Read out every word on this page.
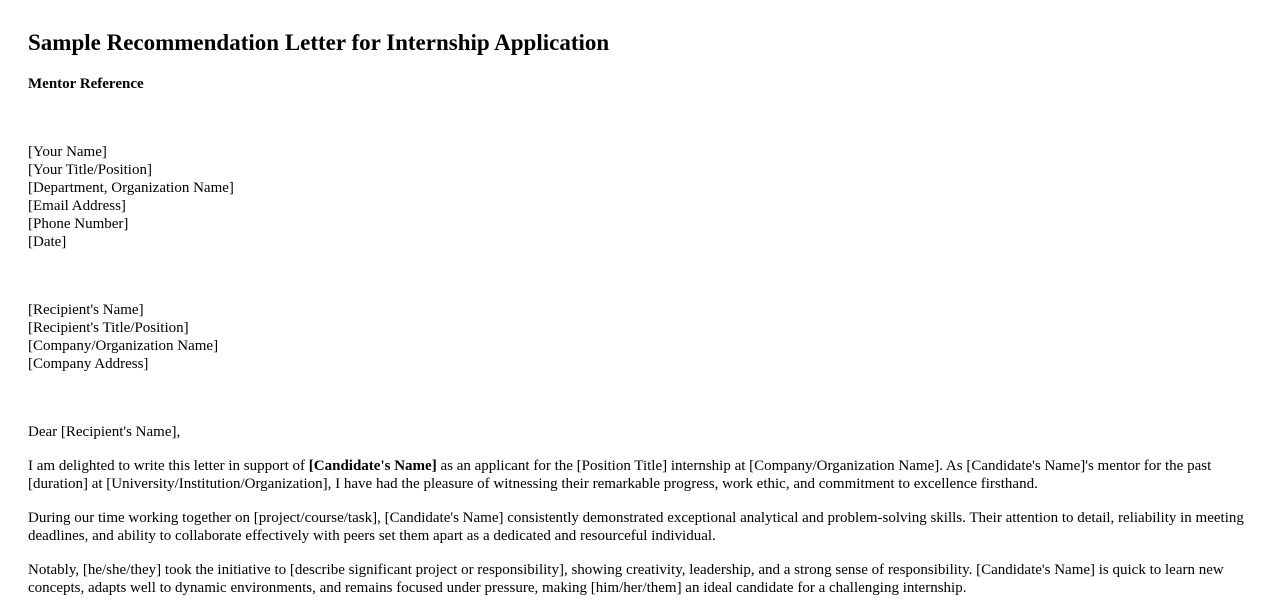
Sample Recommendation Letter for Internship Application
Mentor Reference
[Your Name]
[Your Title/Position]
[Department, Organization Name]
[Email Address]
[Phone Number]
[Date]
[Recipient's Name]
[Recipient's Title/Position]
[Company/Organization Name]
[Company Address]
Dear [Recipient's Name],

I am delighted to write this letter in support of [Candidate's Name] as an applicant for the [Position Title] internship at [Company/Organization Name]. As [Candidate's Name]'s mentor for the past [duration] at [University/Institution/Organization], I have had the pleasure of witnessing their remarkable progress, work ethic, and commitment to excellence firsthand.

During our time working together on [project/course/task], [Candidate's Name] consistently demonstrated exceptional analytical and problem-solving skills. Their attention to detail, reliability in meeting deadlines, and ability to collaborate effectively with peers set them apart as a dedicated and resourceful individual.

Notably, [he/she/they] took the initiative to [describe significant project or responsibility], showing creativity, leadership, and a strong sense of responsibility. [Candidate's Name] is quick to learn new concepts, adapts well to dynamic environments, and remains focused under pressure, making [him/her/them] an ideal candidate for a challenging internship.
